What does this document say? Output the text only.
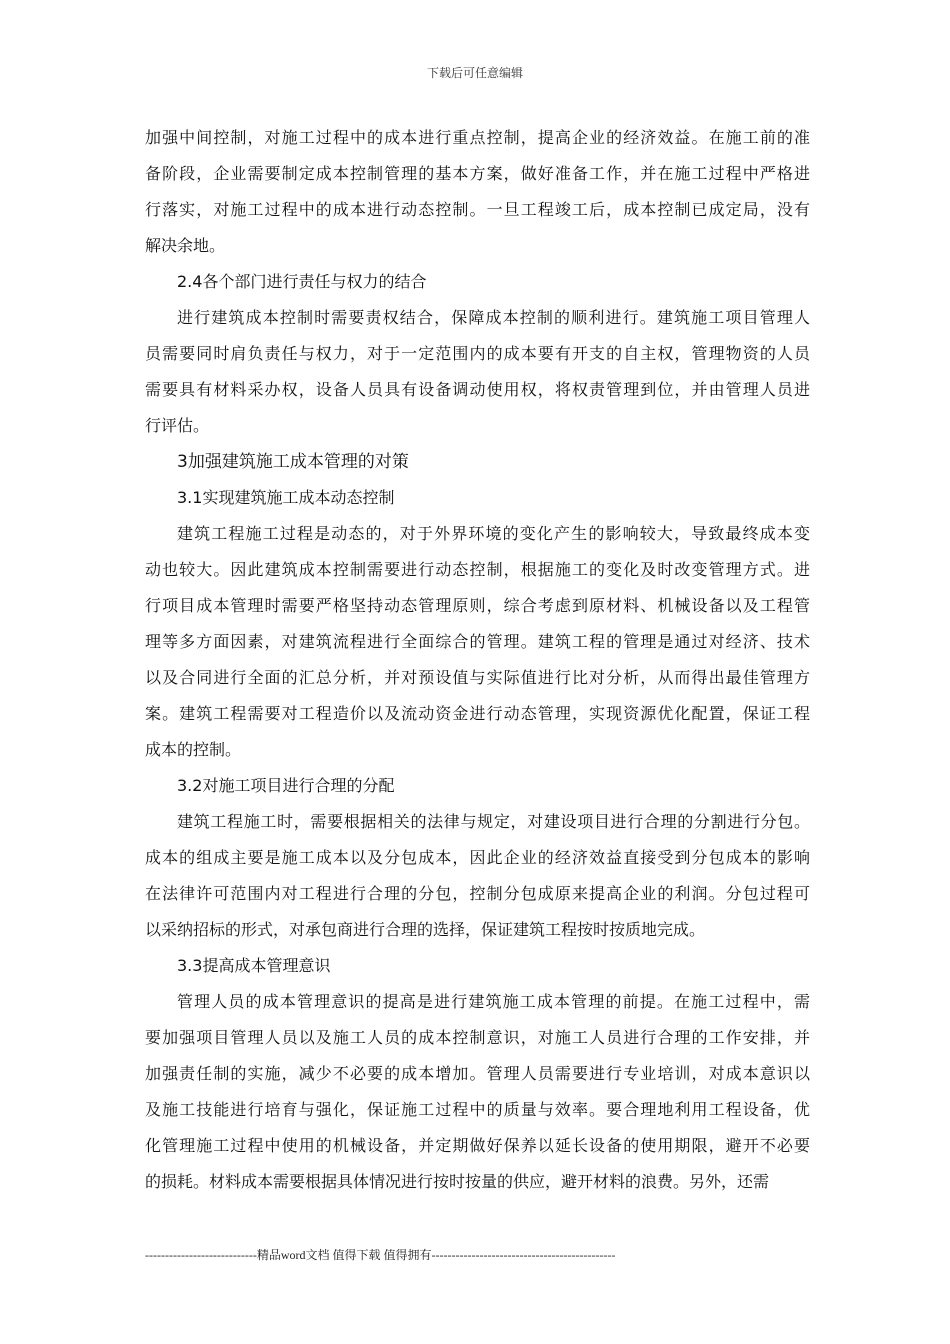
下载后可任意编辑
加强中间控制，对施工过程中的成本进行重点控制，提高企业的经济效益。在施工前的准
备阶段，企业需要制定成本控制管理的基本方案，做好准备工作，并在施工过程中严格进
行落实，对施工过程中的成本进行动态控制。一旦工程竣工后，成本控制已成定局，没有
解决余地。
2.4各个部门进行责任与权力的结合
进行建筑成本控制时需要责权结合，保障成本控制的顺利进行。建筑施工项目管理人
员需要同时肩负责任与权力，对于一定范围内的成本要有开支的自主权，管理物资的人员
需要具有材料采办权，设备人员具有设备调动使用权，将权责管理到位，并由管理人员进
行评估。
3加强建筑施工成本管理的对策
3.1实现建筑施工成本动态控制
建筑工程施工过程是动态的，对于外界环境的变化产生的影响较大，导致最终成本变
动也较大。因此建筑成本控制需要进行动态控制，根据施工的变化及时改变管理方式。进
行项目成本管理时需要严格坚持动态管理原则，综合考虑到原材料、机械设备以及工程管
理等多方面因素，对建筑流程进行全面综合的管理。建筑工程的管理是通过对经济、技术
以及合同进行全面的汇总分析，并对预设值与实际值进行比对分析，从而得出最佳管理方
案。建筑工程需要对工程造价以及流动资金进行动态管理，实现资源优化配置，保证工程
成本的控制。
3.2对施工项目进行合理的分配
建筑工程施工时，需要根据相关的法律与规定，对建设项目进行合理的分割进行分包。
成本的组成主要是施工成本以及分包成本，因此企业的经济效益直接受到分包成本的影响
在法律许可范围内对工程进行合理的分包，控制分包成原来提高企业的利润。分包过程可
以采纳招标的形式，对承包商进行合理的选择，保证建筑工程按时按质地完成。
3.3提高成本管理意识
管理人员的成本管理意识的提高是进行建筑施工成本管理的前提。在施工过程中，需
要加强项目管理人员以及施工人员的成本控制意识，对施工人员进行合理的工作安排，并
加强责任制的实施，减少不必要的成本增加。管理人员需要进行专业培训，对成本意识以
及施工技能进行培育与强化，保证施工过程中的质量与效率。要合理地利用工程设备，优
化管理施工过程中使用的机械设备，并定期做好保养以延长设备的使用期限，避开不必要
的损耗。材料成本需要根据具体情况进行按时按量的供应，避开材料的浪费。另外，还需
----------------------------精品word文档 值得下载 值得拥有----------------------------------------------
